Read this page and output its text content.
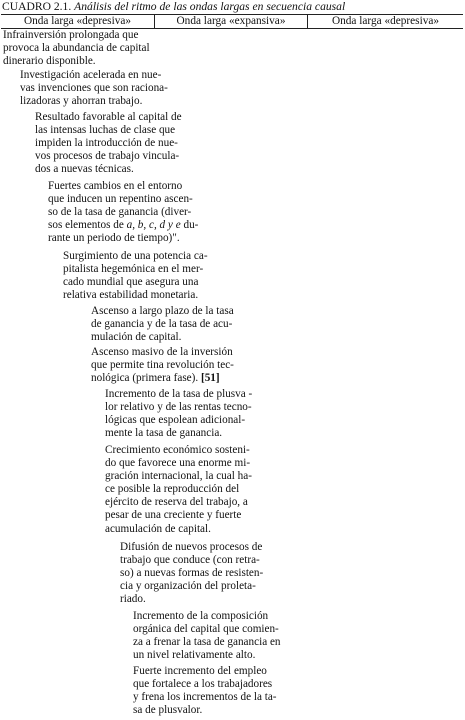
CUADRO 2.1. Análisis del ritmo de las ondas largas en secuencia causal
Onda larga «depresiva»	Onda larga «expansiva»	Onda larga «depresiva»
Infrainversión prolongada que
provoca la abundancia de capital
dinerario disponible.
Investigación acelerada en nue-
vas invenciones que son raciona-
lizadoras y ahorran trabajo.
Resultado favorable al capital de
las intensas luchas de clase que
impiden la introducción de nue-
vos procesos de trabajo vincula-
dos a nuevas técnicas.
Fuertes cambios en el entorno
que inducen un repentino ascen-
so de la tasa de ganancia (diver-
sos elementos de a, b, c, d y e du-
rante un periodo de tiempo)".
Surgimiento de una potencia ca-
pitalista hegemónica en el mer-
cado mundial que asegura una
relativa estabilidad monetaria.
Ascenso a largo plazo de la tasa
de ganancia y de la tasa de acu-
mulación de capital.
Ascenso masivo de la inversión
que permite tina revolución tec-
nológica (primera fase). [51]
Incremento de la tasa de plusva -
lor relativo y de las rentas tecno-
lógicas que espolean adicional-
mente la tasa de ganancia.
Crecimiento económico sosteni-
do que favorece una enorme mi-
gración internacional, la cual ha-
ce posible la reproducción del
ejército de reserva del trabajo, a
pesar de una creciente y fuerte
acumulación de capital.
Difusión de nuevos procesos de
trabajo que conduce (con retra-
so) a nuevas formas de resisten-
cia y organización del proleta-
riado.
Incremento de la composición
orgánica del capital que comien-
za a frenar la tasa de ganancia en
un nivel relativamente alto.
Fuerte incremento del empleo
que fortalece a los trabajadores
y frena los incrementos de la ta-
sa de plusvalor.
